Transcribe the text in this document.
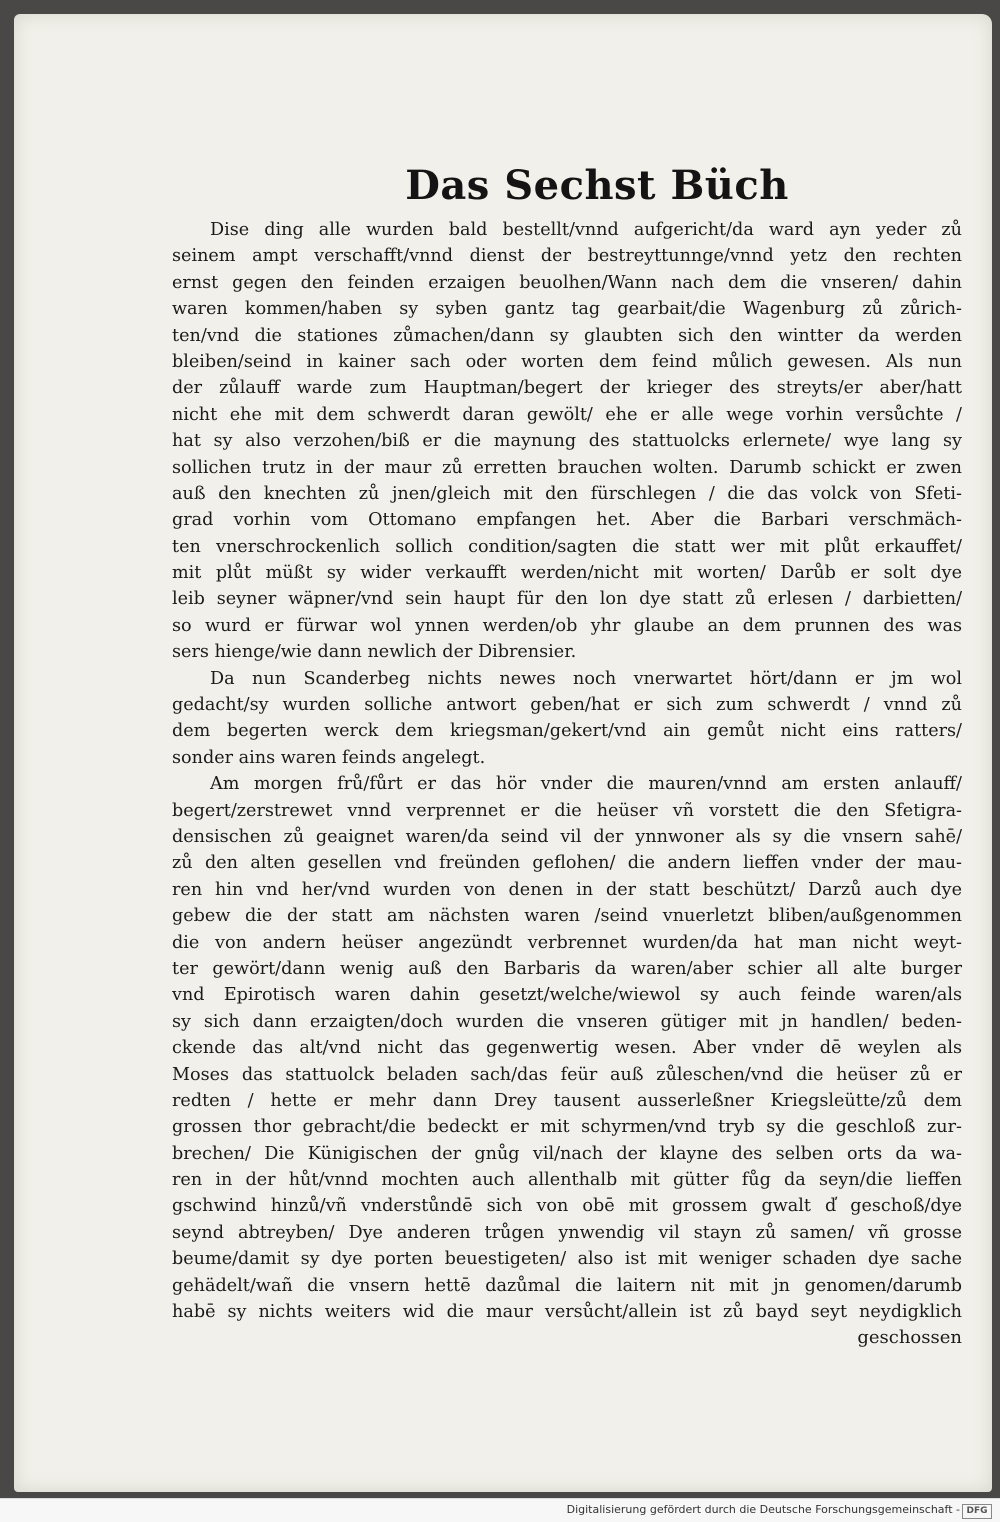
Das Sechst Büch
Dise ding alle wurden bald bestellt/vnnd aufgericht/da ward ayn yeder zů
seinem ampt verschafft/vnnd dienst der bestreyttunnge/vnnd yetz den rechten
ernst gegen den feinden erzaigen beuolhen/Wann nach dem die vnseren/ dahin
waren kommen/haben sy syben gantz tag gearbait/die Wagenburg zů zůrich-
ten/vnd die stationes zůmachen/dann sy glaubten sich den wintter da werden
bleiben/seind in kainer sach oder worten dem feind můlich gewesen. Als nun
der zůlauff warde zum Hauptman/begert der krieger des streyts/er aber/hatt
nicht ehe mit dem schwerdt daran gewölt/ ehe er alle wege vorhin versůchte /
hat sy also verzohen/biß er die maynung des stattuolcks erlernete/ wye lang sy
sollichen trutz in der maur zů erretten brauchen wolten. Darumb schickt er zwen
auß den knechten zů jnen/gleich mit den fürschlegen / die das volck von Sfeti-
grad vorhin vom Ottomano empfangen het. Aber die Barbari verschmäch-
ten vnerschrockenlich sollich condition/sagten die statt wer mit plůt erkauffet/
mit plůt müßt sy wider verkaufft werden/nicht mit worten/ Darůb er solt dye
leib seyner wäpner/vnd sein haupt für den lon dye statt zů erlesen / darbietten/
so wurd er fürwar wol ynnen werden/ob yhr glaube an dem prunnen des was
sers hienge/wie dann newlich der Dibrensier.
Da nun Scanderbeg nichts newes noch vnerwartet hört/dann er jm wol
gedacht/sy wurden solliche antwort geben/hat er sich zum schwerdt / vnnd zů
dem begerten werck dem kriegsman/gekert/vnd ain gemůt nicht eins ratters/
sonder ains waren feinds angelegt.
Am morgen frů/fůrt er das hör vnder die mauren/vnnd am ersten anlauff/
begert/zerstrewet vnnd verprennet er die heüser vñ vorstett die den Sfetigra-
densischen zů geaignet waren/da seind vil der ynnwoner als sy die vnsern sahē/
zů den alten gesellen vnd freünden geflohen/ die andern lieffen vnder der mau-
ren hin vnd her/vnd wurden von denen in der statt beschützt/ Darzů auch dye
gebew die der statt am nächsten waren /seind vnuerletzt bliben/außgenommen
die von andern heüser angezündt verbrennet wurden/da hat man nicht weyt-
ter gewört/dann wenig auß den Barbaris da waren/aber schier all alte burger
vnd Epirotisch waren dahin gesetzt/welche/wiewol sy auch feinde waren/als
sy sich dann erzaigten/doch wurden die vnseren gütiger mit jn handlen/ beden-
ckende das alt/vnd nicht das gegenwertig wesen. Aber vnder dē weylen als
Moses das stattuolck beladen sach/das feür auß zůleschen/vnd die heüser zů er
redten / hette er mehr dann Drey tausent ausserleßner Kriegsleütte/zů dem
grossen thor gebracht/die bedeckt er mit schyrmen/vnd tryb sy die geschloß zur-
brechen/ Die Künigischen der gnůg vil/nach der klayne des selben orts da wa-
ren in der hůt/vnnd mochten auch allenthalb mit gütter fůg da seyn/die lieffen
gschwind hinzů/vñ vnderstůndē sich von obē mit grossem gwalt d̕ geschoß/dye
seynd abtreyben/ Dye anderen trůgen ynwendig vil stayn zů samen/ vñ grosse
beume/damit sy dye porten beuestigeten/ also ist mit weniger schaden dye sache
gehädelt/wañ die vnsern hettē dazůmal die laitern nit mit jn genomen/darumb
habē sy nichts weiters wid die maur versůcht/allein ist zů bayd seyt neydigklich
geschossen
Digitalisierung gefördert durch die Deutsche Forschungsgemeinschaft - DFG
